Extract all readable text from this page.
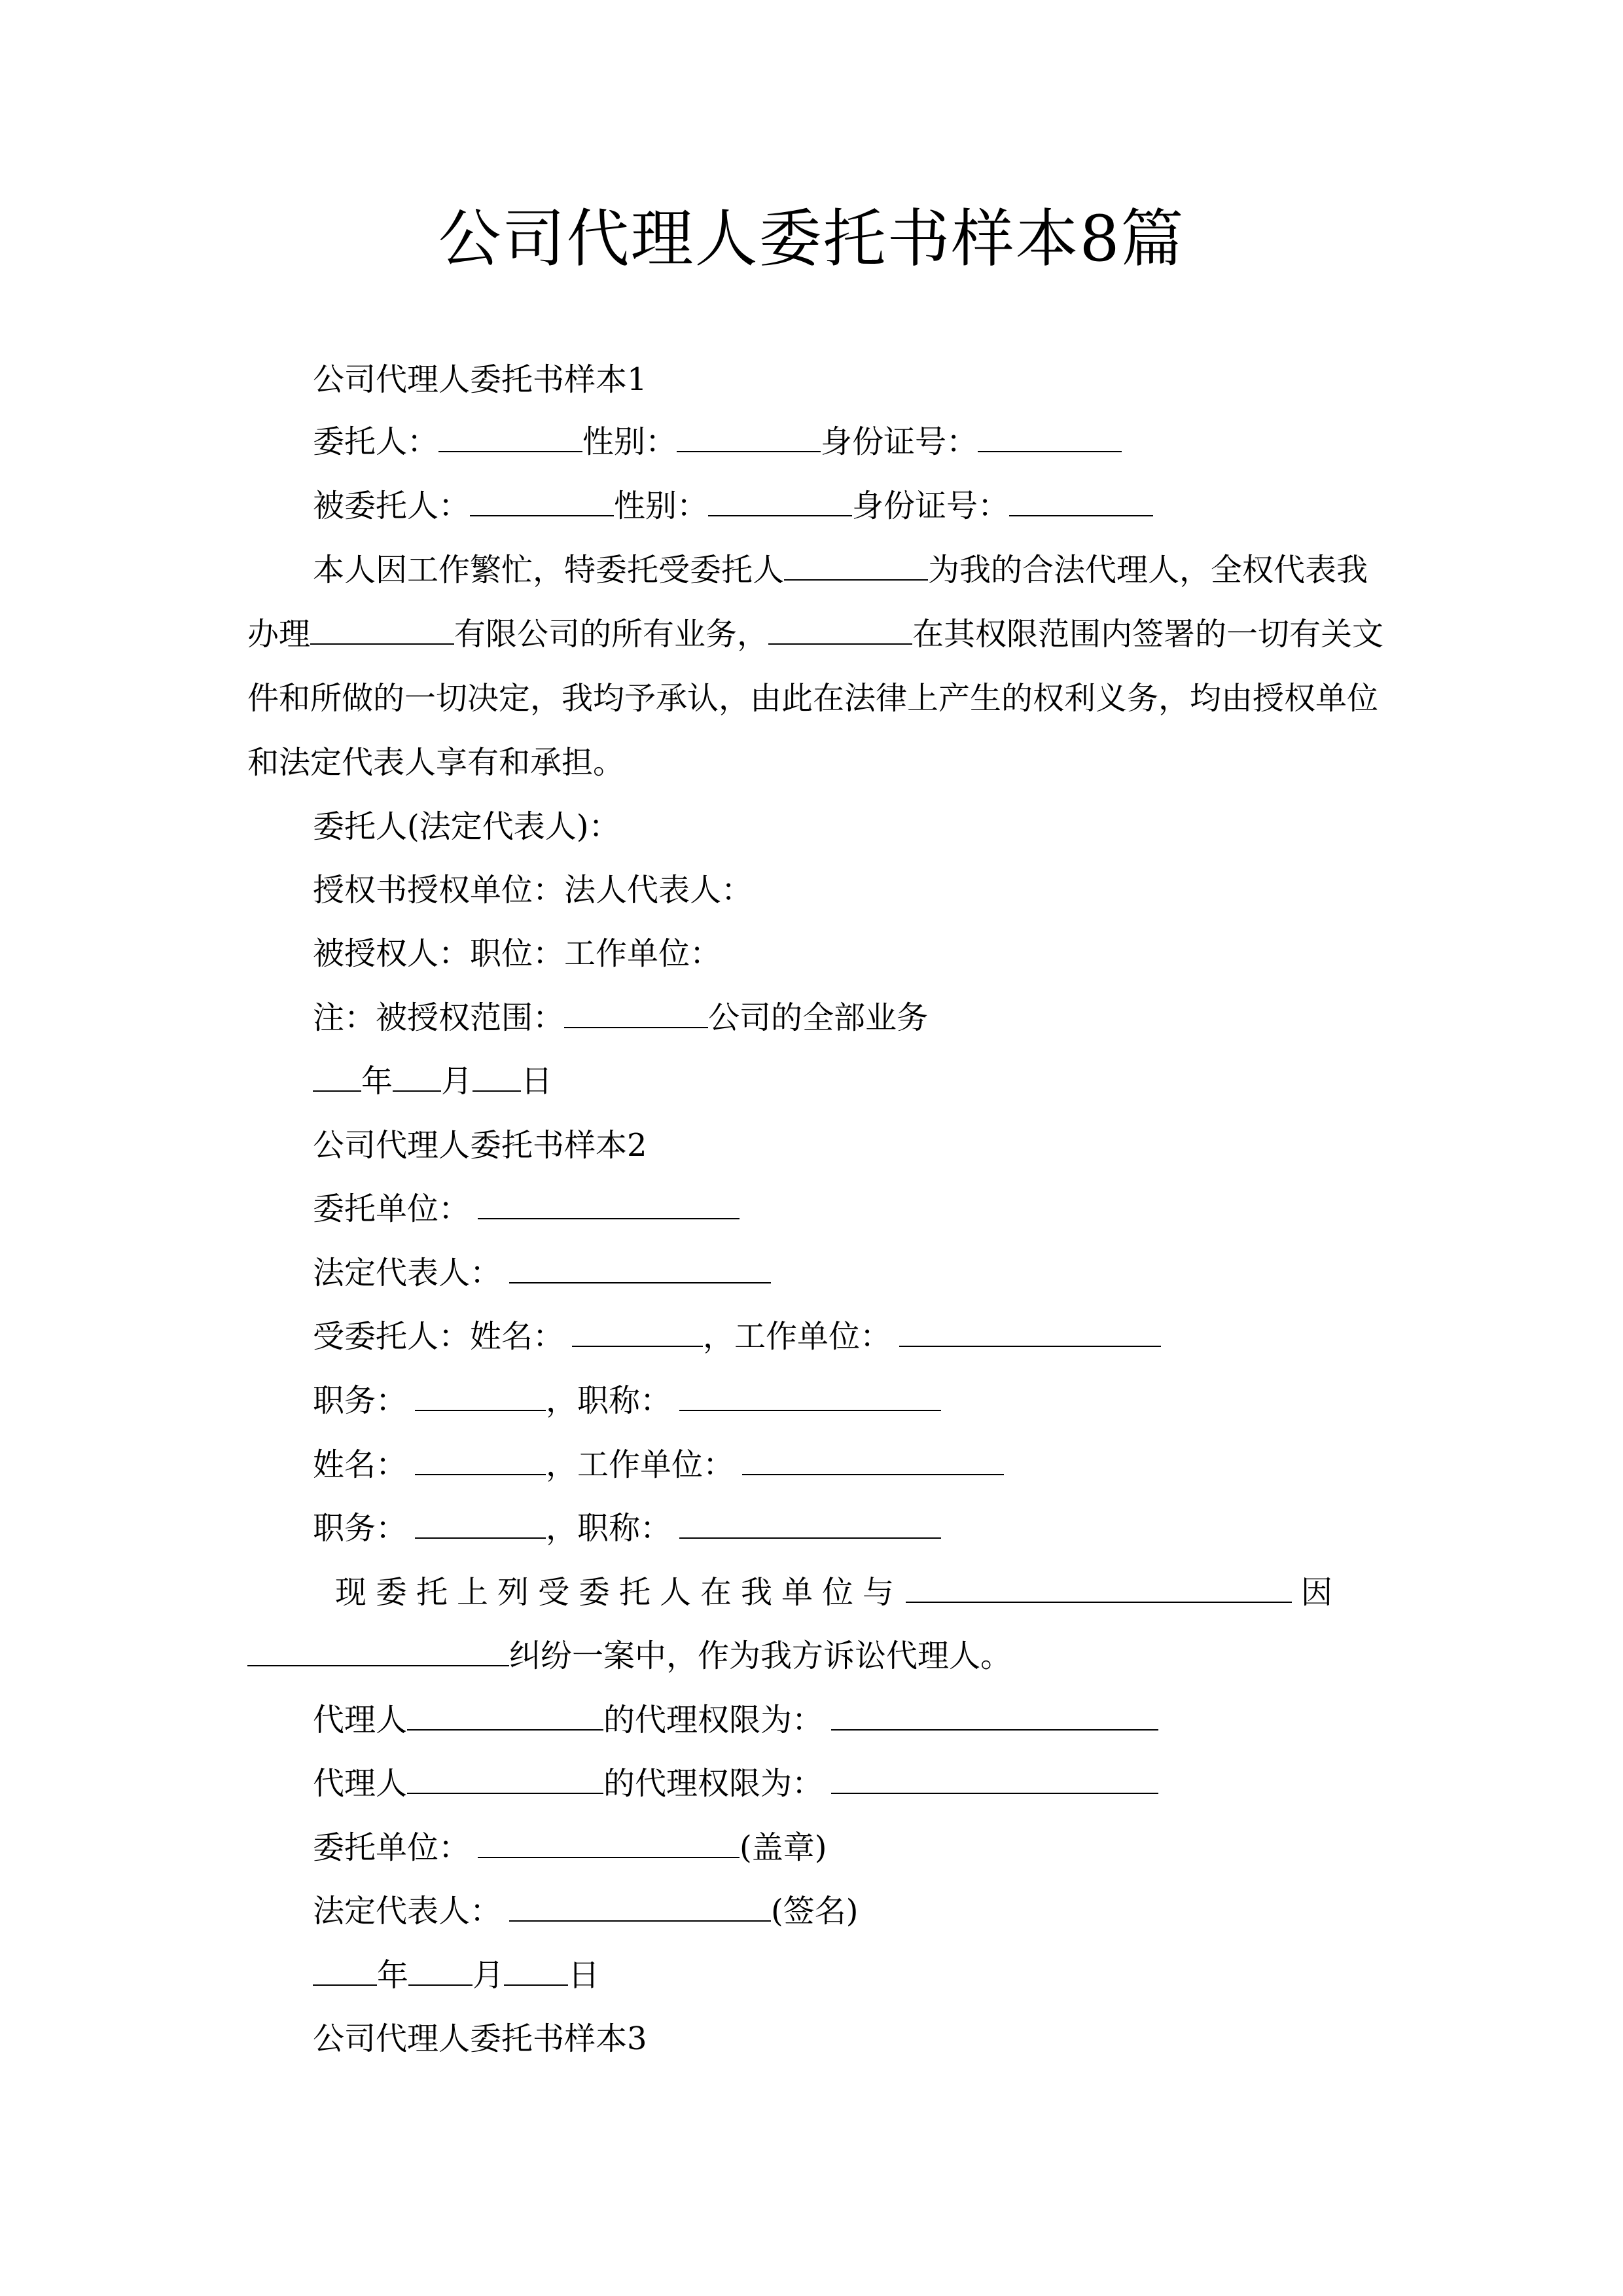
公司代理人委托书样本8篇
公司代理人委托书样本1
委托人：	性别：	身份证号：
被委托人：	性别：	身份证号：
本人因工作繁忙，特委托受委托人	为我的合法代理人，全权代表我办理	有限公司的所有业务，	在其权限范围内签署的一切有关文件和所做的一切决定，我均予承认，由此在法律上产生的权利义务，均由授权单位和法定代表人享有和承担。
委托人(法定代表人)：
授权书授权单位：法人代表人：
被授权人：职位：工作单位：
注：被授权范围：	公司的全部业务
年 月 日
公司代理人委托书样本2
委托单位：
法定代表人：
受委托人：姓名：	，工作单位：
职务：	，职称：
姓名：	，工作单位：
职务：	，职称：
现委托上列受委托人在我单位与	因
纠纷一案中，作为我方诉讼代理人。
代理人	的代理权限为：
代理人	的代理权限为：
委托单位：	(盖章)
法定代表人：	(签名)
年 月 日
公司代理人委托书样本3
